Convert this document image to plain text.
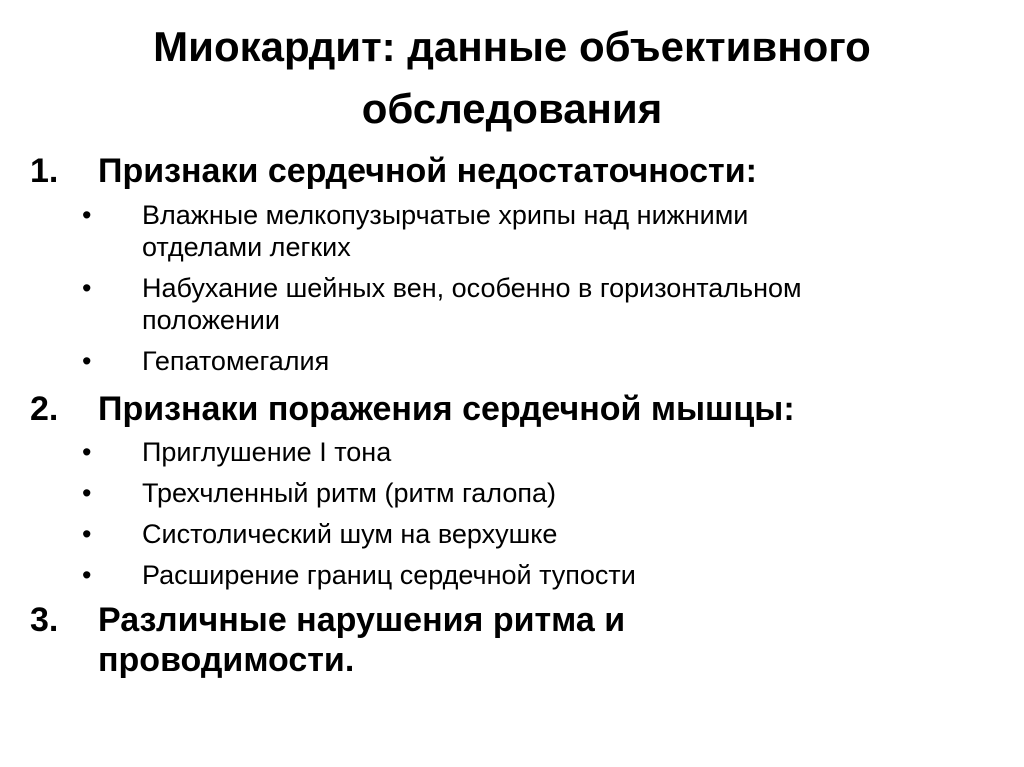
Миокардит: данные объективного
обследования
1. Признаки сердечной недостаточности:
• Влажные мелкопузырчатые хрипы над нижними
отделами легких
• Набухание шейных вен, особенно в горизонтальном
положении
• Гепатомегалия
2. Признаки поражения сердечной мышцы:
• Приглушение I тона
• Трехчленный ритм (ритм галопа)
• Систолический шум на верхушке
• Расширение границ сердечной тупости
3. Различные нарушения ритма и
проводимости.
